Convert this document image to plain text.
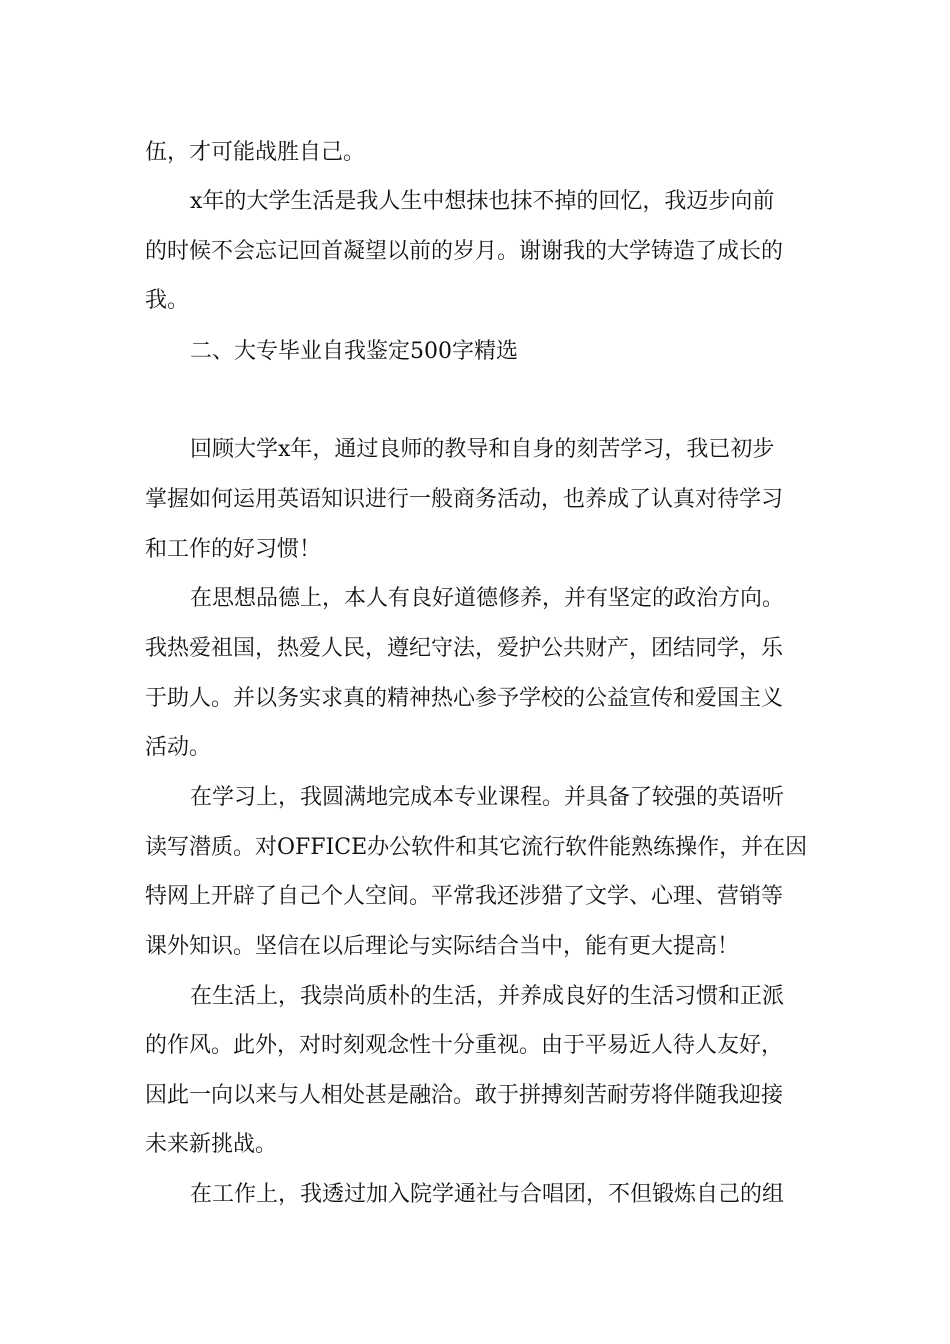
伍，才可能战胜自己。

x年的大学生活是我人生中想抹也抹不掉的回忆，我迈步向前

的时候不会忘记回首凝望以前的岁月。谢谢我的大学铸造了成长的

我。

二、大专毕业自我鉴定500字精选

回顾大学x年，通过良师的教导和自身的刻苦学习，我已初步

掌握如何运用英语知识进行一般商务活动，也养成了认真对待学习

和工作的好习惯！

在思想品德上，本人有良好道德修养，并有坚定的政治方向。

我热爱祖国，热爱人民，遵纪守法，爱护公共财产，团结同学，乐

于助人。并以务实求真的精神热心参予学校的公益宣传和爱国主义

活动。

在学习上，我圆满地完成本专业课程。并具备了较强的英语听

读写潜质。对OFFICE办公软件和其它流行软件能熟练操作，并在因

特网上开辟了自己个人空间。平常我还涉猎了文学、心理、营销等

课外知识。坚信在以后理论与实际结合当中，能有更大提高！

在生活上，我崇尚质朴的生活，并养成良好的生活习惯和正派

的作风。此外，对时刻观念性十分重视。由于平易近人待人友好，

因此一向以来与人相处甚是融洽。敢于拼搏刻苦耐劳将伴随我迎接

未来新挑战。

在工作上，我透过加入院学通社与合唱团，不但锻炼自己的组
